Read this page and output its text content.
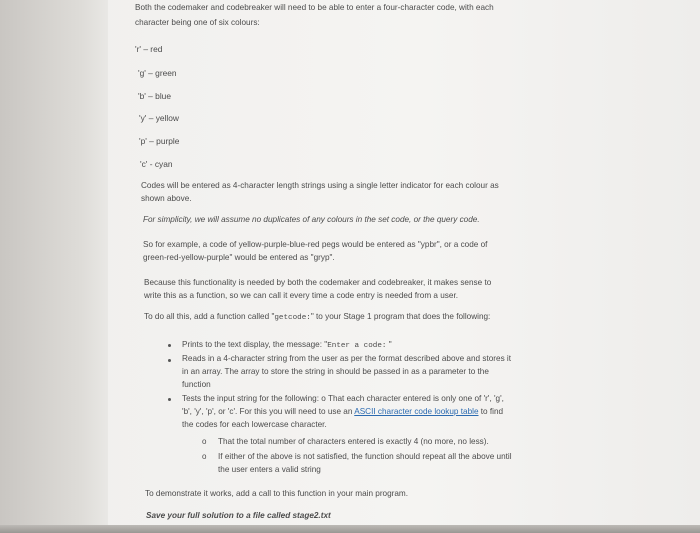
Both the codemaker and codebreaker will need to be able to enter a four-character code, with each
character being one of six colours:
'r' – red
'g' – green
'b' – blue
'y' – yellow
'p' – purple
'c' - cyan
Codes will be entered as 4-character length strings using a single letter indicator for each colour as
shown above.
For simplicity, we will assume no duplicates of any colours in the set code, or the query code.
So for example, a code of yellow-purple-blue-red pegs would be entered as "ypbr", or a code of
green-red-yellow-purple" would be entered as "gryp".
Because this functionality is needed by both the codemaker and codebreaker, it makes sense to
write this as a function, so we can call it every time a code entry is needed from a user.
To do all this, add a function called "getcode:" to your Stage 1 program that does the following:
Prints to the text display, the message: "Enter a code: "
Reads in a 4-character string from the user as per the format described above and stores it
in an array. The array to store the string in should be passed in as a parameter to the
function
Tests the input string for the following: o That each character entered is only one of 'r', 'g',
'b', 'y', 'p', or 'c'. For this you will need to use an ASCII character code lookup table to find
the codes for each lowercase character.
o That the total number of characters entered is exactly 4 (no more, no less).
o If either of the above is not satisfied, the function should repeat all the above until
the user enters a valid string
To demonstrate it works, add a call to this function in your main program.
Save your full solution to a file called stage2.txt
